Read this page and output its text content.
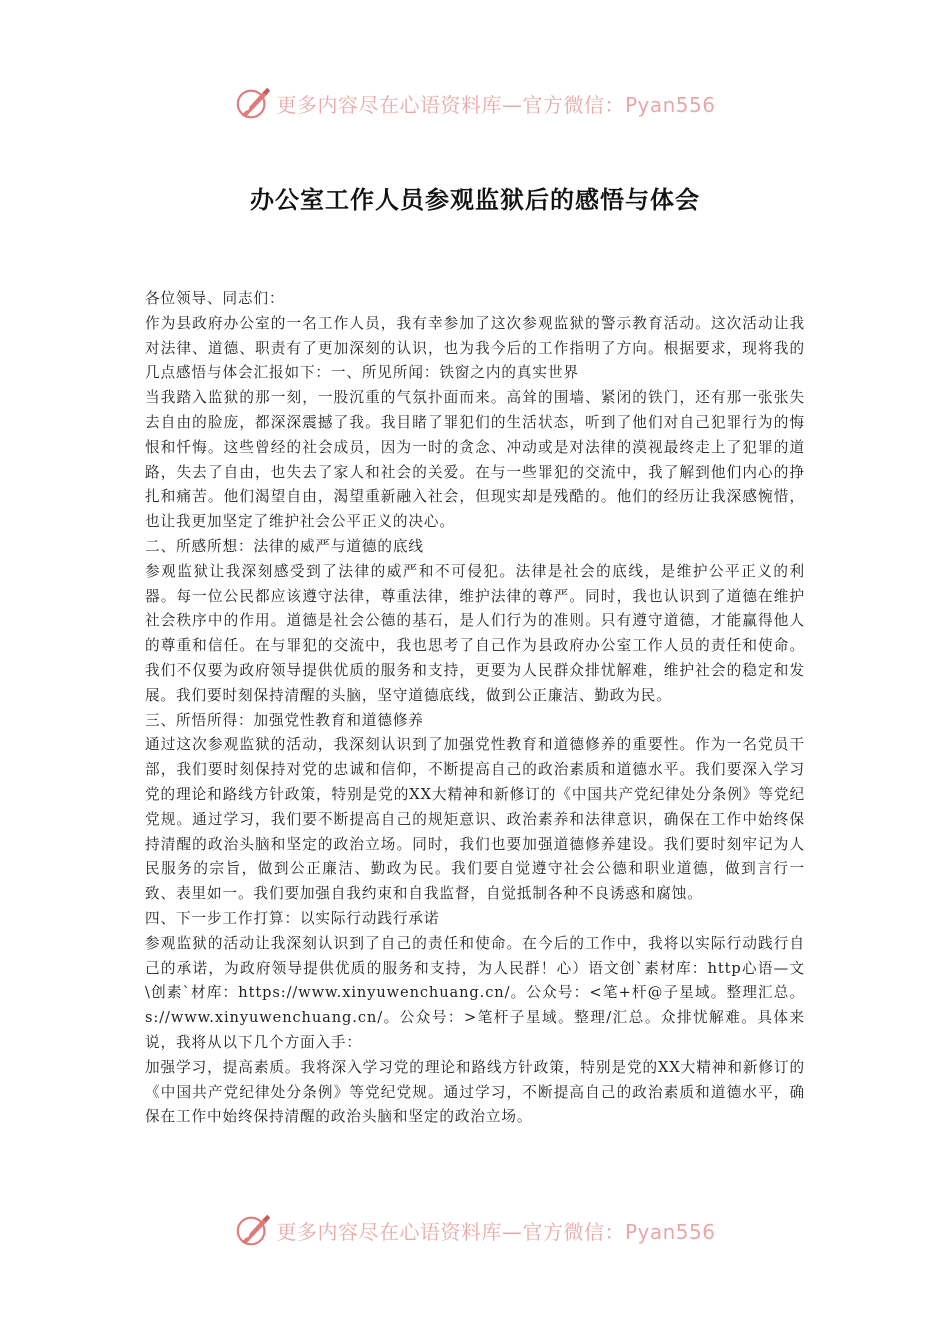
更多内容尽在心语资料库—官方微信：Pyan556
办公室工作人员参观监狱后的感悟与体会

各位领导、同志们：

作为县政府办公室的一名工作人员，我有幸参加了这次参观监狱的警示教育活动。这次活动让我对法律、道德、职责有了更加深刻的认识，也为我今后的工作指明了方向。根据要求，现将我的几点感悟与体会汇报如下：一、所见所闻：铁窗之内的真实世界

当我踏入监狱的那一刻，一股沉重的气氛扑面而来。高耸的围墙、紧闭的铁门，还有那一张张失去自由的脸庞，都深深震撼了我。我目睹了罪犯们的生活状态，听到了他们对自己犯罪行为的悔恨和忏悔。这些曾经的社会成员，因为一时的贪念、冲动或是对法律的漠视最终走上了犯罪的道路，失去了自由，也失去了家人和社会的关爱。在与一些罪犯的交流中，我了解到他们内心的挣扎和痛苦。他们渴望自由，渴望重新融入社会，但现实却是残酷的。他们的经历让我深感惋惜，也让我更加坚定了维护社会公平正义的决心。

二、所感所想：法律的威严与道德的底线

参观监狱让我深刻感受到了法律的威严和不可侵犯。法律是社会的底线，是维护公平正义的利器。每一位公民都应该遵守法律，尊重法律，维护法律的尊严。同时，我也认识到了道德在维护社会秩序中的作用。道德是社会公德的基石，是人们行为的准则。只有遵守道德，才能赢得他人的尊重和信任。在与罪犯的交流中，我也思考了自己作为县政府办公室工作人员的责任和使命。我们不仅要为政府领导提供优质的服务和支持，更要为人民群众排忧解难，维护社会的稳定和发展。我们要时刻保持清醒的头脑，坚守道德底线，做到公正廉洁、勤政为民。

三、所悟所得：加强党性教育和道德修养

通过这次参观监狱的活动，我深刻认识到了加强党性教育和道德修养的重要性。作为一名党员干部，我们要时刻保持对党的忠诚和信仰，不断提高自己的政治素质和道德水平。我们要深入学习党的理论和路线方针政策，特别是党的XX大精神和新修订的《中国共产党纪律处分条例》等党纪党规。通过学习，我们要不断提高自己的规矩意识、政治素养和法律意识，确保在工作中始终保持清醒的政治头脑和坚定的政治立场。同时，我们也要加强道德修养建设。我们要时刻牢记为人民服务的宗旨，做到公正廉洁、勤政为民。我们要自觉遵守社会公德和职业道德，做到言行一致、表里如一。我们要加强自我约束和自我监督，自觉抵制各种不良诱惑和腐蚀。

四、下一步工作打算：以实际行动践行承诺

参观监狱的活动让我深刻认识到了自己的责任和使命。在今后的工作中，我将以实际行动践行自己的承诺，为政府领导提供优质的服务和支持，为人民群！心）语文创`素材库：http心语—文\创素`材库：https://www.xinyuwenchuang.cn/。公众号：<笔+杆@子星域。整理汇总。s://www.xinyuwenchuang.cn/。公众号：>笔杆子星域。整理/汇总。众排忧解难。具体来说，我将从以下几个方面入手：

加强学习，提高素质。我将深入学习党的理论和路线方针政策，特别是党的XX大精神和新修订的《中国共产党纪律处分条例》等党纪党规。通过学习，不断提高自己的政治素质和道德水平，确保在工作中始终保持清醒的政治头脑和坚定的政治立场。

更多内容尽在心语资料库—官方微信：Pyan556
